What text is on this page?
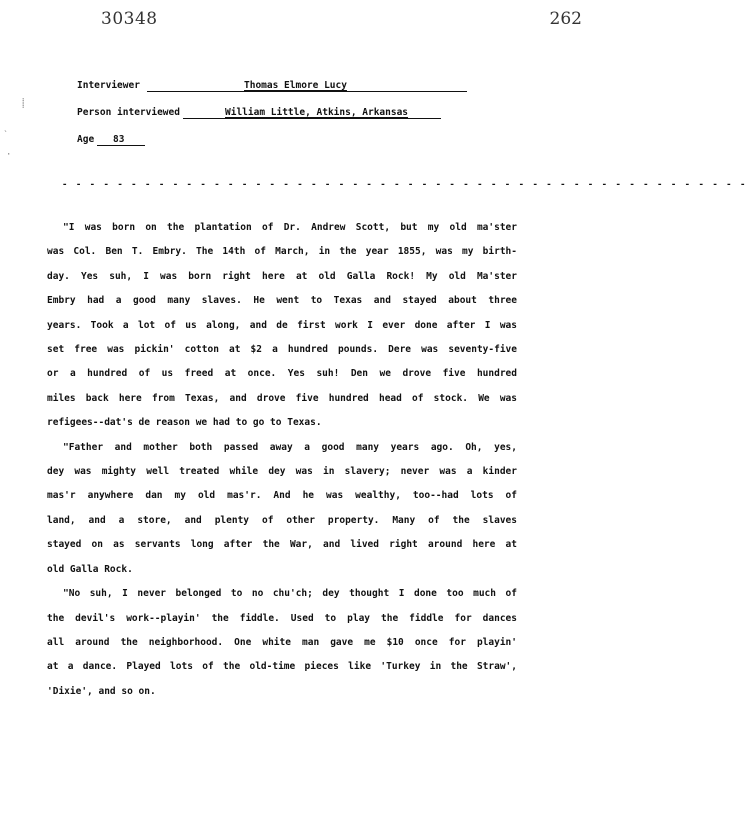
30348	262
⸽
ˋ
·
Interviewer	Thomas Elmore Lucy
Person interviewed	William Little, Atkins, Arkansas
Age 83
- - - - - - - - - - - - - - - - - - - - - - - - - - - - - - - - - - - - - - - - - - - - - - - - - -

"I was born on the plantation of Dr. Andrew Scott, but my old ma'ster
was Col. Ben T. Embry. The 14th of March, in the year 1855, was my birth-
day. Yes suh, I was born right here at old Galla Rock! My old Ma'ster
Embry had a good many slaves. He went to Texas and stayed about three
years. Took a lot of us along, and de first work I ever done after I was
set free was pickin' cotton at $2 a hundred pounds. Dere was seventy-five
or a hundred of us freed at once. Yes suh! Den we drove five hundred
miles back here from Texas, and drove five hundred head of stock. We was
refigees--dat's de reason we had to go to Texas.

"Father and mother both passed away a good many years ago. Oh, yes,
dey was mighty well treated while dey was in slavery; never was a kinder
mas'r anywhere dan my old mas'r. And he was wealthy, too--had lots of
land, and a store, and plenty of other property. Many of the slaves
stayed on as servants long after the War, and lived right around here at
old Galla Rock.

"No suh, I never belonged to no chu'ch; dey thought I done too much of
the devil's work--playin' the fiddle. Used to play the fiddle for dances
all around the neighborhood. One white man gave me $10 once for playin'
at a dance. Played lots of the old-time pieces like 'Turkey in the Straw',
'Dixie', and so on.
